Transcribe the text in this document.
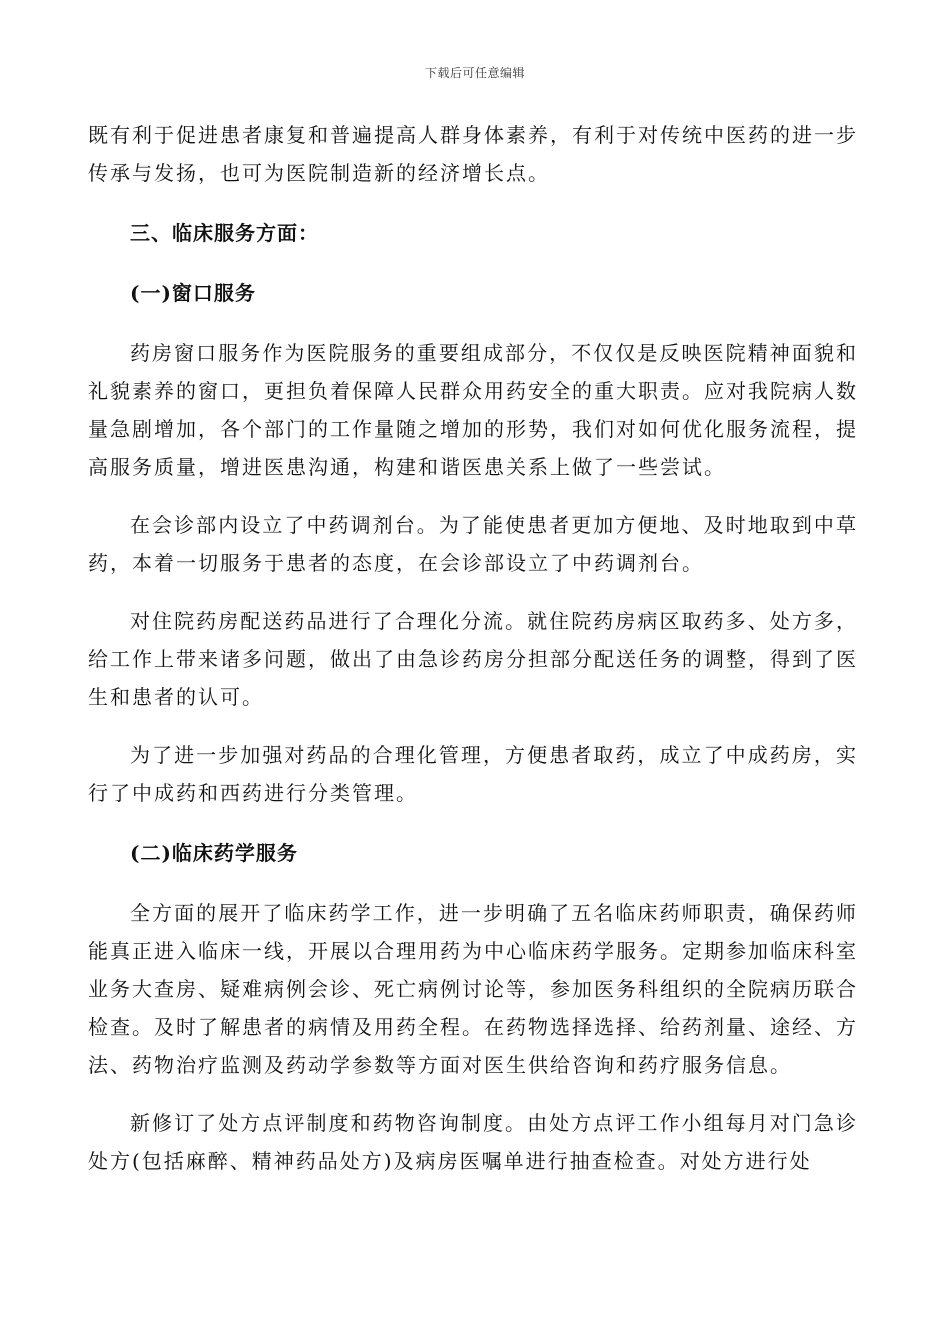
下载后可任意编辑

既有利于促进患者康复和普遍提高人群身体素养，有利于对传统中医药的进一步传承与发扬，也可为医院制造新的经济增长点。

三、临床服务方面：

(一)窗口服务

药房窗口服务作为医院服务的重要组成部分，不仅仅是反映医院精神面貌和礼貌素养的窗口，更担负着保障人民群众用药安全的重大职责。应对我院病人数量急剧增加，各个部门的工作量随之增加的形势，我们对如何优化服务流程，提高服务质量，增进医患沟通，构建和谐医患关系上做了一些尝试。

在会诊部内设立了中药调剂台。为了能使患者更加方便地、及时地取到中草药，本着一切服务于患者的态度，在会诊部设立了中药调剂台。

对住院药房配送药品进行了合理化分流。就住院药房病区取药多、处方多，给工作上带来诸多问题，做出了由急诊药房分担部分配送任务的调整，得到了医生和患者的认可。

为了进一步加强对药品的合理化管理，方便患者取药，成立了中成药房，实行了中成药和西药进行分类管理。

(二)临床药学服务

全方面的展开了临床药学工作，进一步明确了五名临床药师职责，确保药师能真正进入临床一线，开展以合理用药为中心临床药学服务。定期参加临床科室业务大查房、疑难病例会诊、死亡病例讨论等，参加医务科组织的全院病历联合检查。及时了解患者的病情及用药全程。在药物选择选择、给药剂量、途经、方法、药物治疗监测及药动学参数等方面对医生供给咨询和药疗服务信息。

新修订了处方点评制度和药物咨询制度。由处方点评工作小组每月对门急诊处方(包括麻醉、精神药品处方)及病房医嘱单进行抽查检查。对处方进行处
